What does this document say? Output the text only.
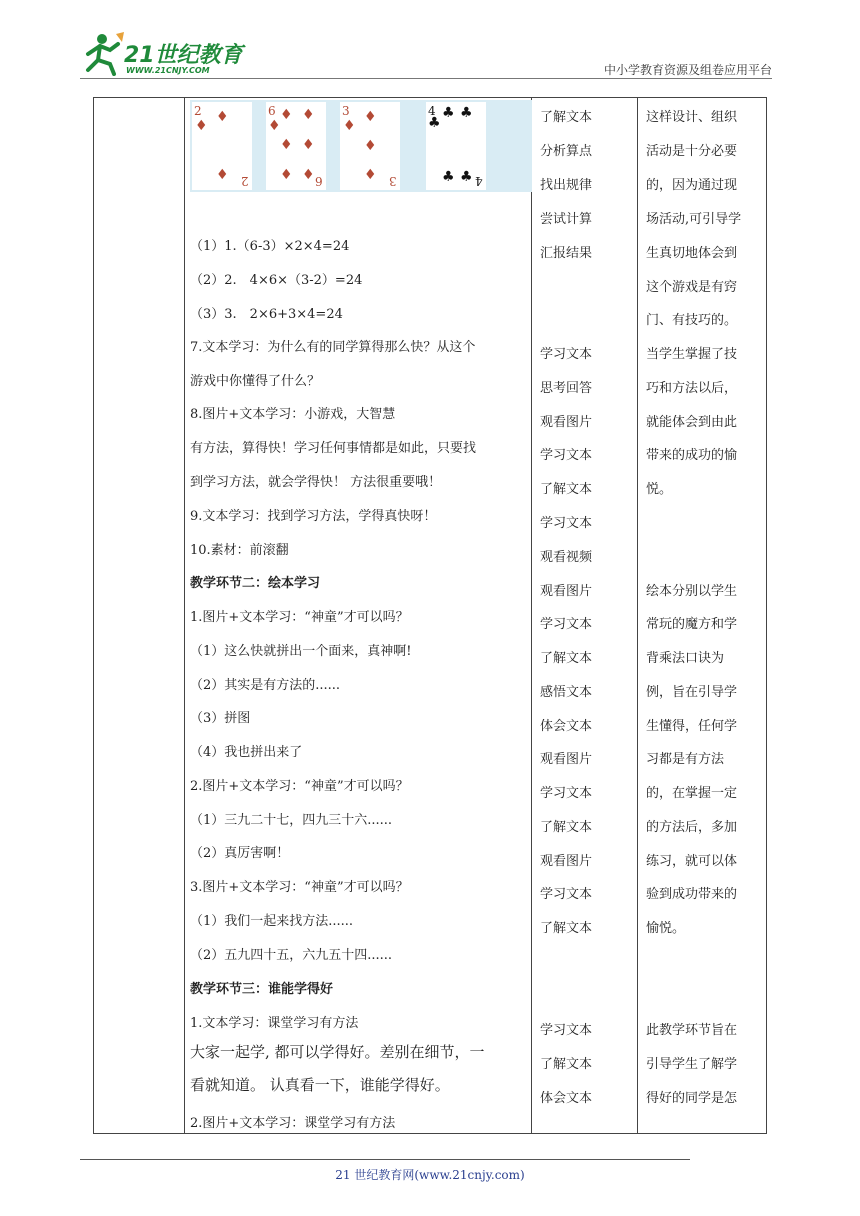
21世纪教育
WWW.21CNJY.COM	中小学教育资源及组卷应用平台
2
♦
♦
♦ 2
6
♦
♦ ♦
♦ ♦
♦ ♦ 6
3
♦
♦
♦
♦ 3
4
♣
♣ ♣
♣ ♣ 4
（1）1.（6-3）×2×4=24
（2）2.　4×6×（3-2）=24
（3）3.　2×6+3×4=24
7.文本学习：为什么有的同学算得那么快？从这个
游戏中你懂得了什么？
8.图片+文本学习：小游戏，大智慧
有方法，算得快！学习任何事情都是如此，只要找
到学习方法，就会学得快！ 方法很重要哦！
9.文本学习：找到学习方法，学得真快呀！
10.素材：前滚翻
教学环节二：绘本学习
1.图片+文本学习：“神童”才可以吗？
（1）这么快就拼出一个面来，真神啊!
（2）其实是有方法的......
（3）拼图
（4）我也拼出来了
2.图片+文本学习：“神童”才可以吗？
（1）三九二十七，四九三十六......
（2）真厉害啊！
3.图片+文本学习：“神童”才可以吗？
（1）我们一起来找方法......
（2）五九四十五，六九五十四......
教学环节三：谁能学得好
1.文本学习：课堂学习有方法
大家一起学, 都可以学得好。差别在细节，一
看就知道。 认真看一下，谁能学得好。
2.图片+文本学习：课堂学习有方法
了解文本
分析算点
找出规律
尝试计算
汇报结果
学习文本
思考回答
观看图片
学习文本
了解文本
学习文本
观看视频
观看图片
学习文本
了解文本
感悟文本
体会文本
观看图片
学习文本
了解文本
观看图片
学习文本
了解文本
学习文本
了解文本
体会文本
这样设计、组织
活动是十分必要
的，因为通过现
场活动,可引导学
生真切地体会到
这个游戏是有窍
门、有技巧的。
当学生掌握了技
巧和方法以后，
就能体会到由此
带来的成功的愉
悦。
绘本分别以学生
常玩的魔方和学
背乘法口诀为
例，旨在引导学
生懂得，任何学
习都是有方法
的，在掌握一定
的方法后，多加
练习，就可以体
验到成功带来的
愉悦。
此教学环节旨在
引导学生了解学
得好的同学是怎
21 世纪教育网(www.21cnjy.com)
